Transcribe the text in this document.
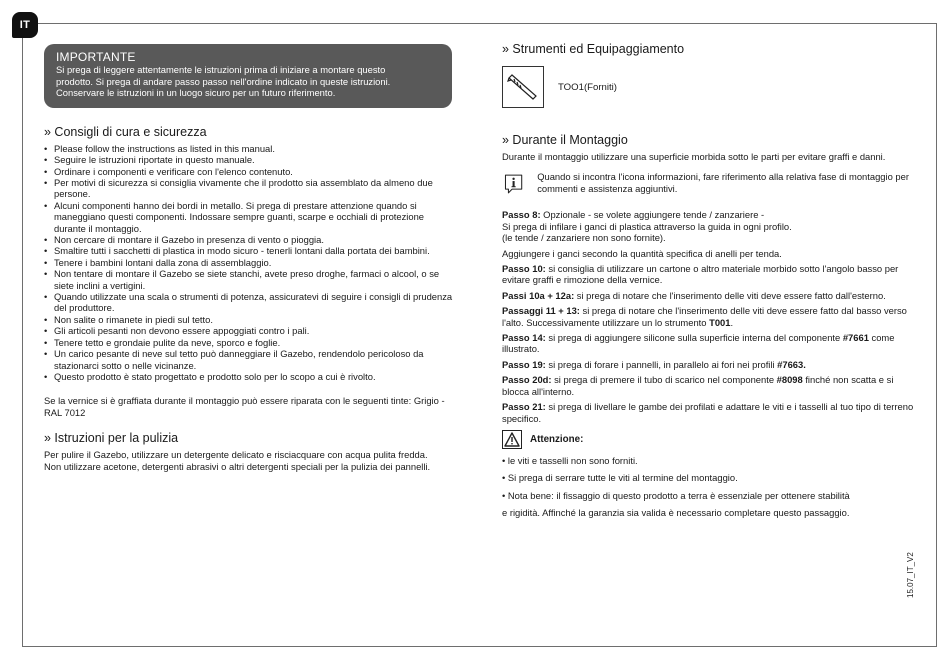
IT
IMPORTANTE
Si prega di leggere attentamente le istruzioni prima di iniziare a montare questo
prodotto. Si prega di andare passo passo nell'ordine indicato in queste istruzioni.
Conservare le istruzioni in un luogo sicuro per un futuro riferimento.
» Consigli di cura e sicurezza
• Please follow the instructions as listed in this manual.
• Seguire le istruzioni riportate in questo manuale.
• Ordinare i componenti e verificare con l'elenco contenuto.
• Per motivi di sicurezza si consiglia vivamente che il prodotto sia assemblato da almeno due persone.
• Alcuni componenti hanno dei bordi in metallo. Si prega di prestare attenzione quando si maneggiano questi componenti. Indossare sempre guanti, scarpe e occhiali di protezione durante il montaggio.
• Non cercare di montare il Gazebo in presenza di vento o pioggia.
• Smaltire tutti i sacchetti di plastica in modo sicuro - tenerli lontani dalla portata dei bambini.
• Tenere i bambini lontani dalla zona di assemblaggio.
• Non tentare di montare il Gazebo se siete stanchi, avete preso droghe, farmaci o alcool, o se siete inclini a vertigini.
• Quando utilizzate una scala o strumenti di potenza, assicuratevi di seguire i consigli di prudenza del produttore.
• Non salite o rimanete in piedi sul tetto.
• Gli articoli pesanti non devono essere appoggiati contro i pali.
• Tenere tetto e grondaie pulite da neve, sporco e foglie.
• Un carico pesante di neve sul tetto può danneggiare il Gazebo, rendendolo pericoloso da stazionarci sotto o nelle vicinanze.
• Questo prodotto è stato progettato e prodotto solo per lo scopo a cui è rivolto.

Se la vernice si è graffiata durante il montaggio può essere riparata con le seguenti tinte: Grigio - RAL 7012

» Istruzioni per la pulizia

Per pulire il Gazebo, utilizzare un detergente delicato e risciacquare con acqua pulita fredda.

Non utilizzare acetone, detergenti abrasivi o altri detergenti speciali per la pulizia dei pannelli.

» Strumenti ed Equipaggiamento
TOO1(Forniti)
» Durante il Montaggio

Durante il montaggio utilizzare una superficie morbida sotto le parti per evitare graffi e danni.

Quando si incontra l'icona informazioni, fare riferimento alla relativa fase di montaggio per commenti e assistenza aggiuntivi.

Passo 8: Opzionale - se volete aggiungere tende / zanzariere -

Si prega di infilare i ganci di plastica attraverso la guida in ogni profilo.

(le tende / zanzariere non sono fornite).

Aggiungere i ganci secondo la quantità specifica di anelli per tenda.

Passo 10: si consiglia di utilizzare un cartone o altro materiale morbido sotto l'angolo basso per evitare graffi e rimozione della vernice.

Passi 10a + 12a: si prega di notare che l'inserimento delle viti deve essere fatto dall'esterno.

Passaggi 11 + 13: si prega di notare che l'inserimento delle viti deve essere fatto dal basso verso l'alto. Successivamente utilizzare un lo strumento T001.

Passo 14: si prega di aggiungere silicone sulla superficie interna del componente #7661 come illustrato.

Passo 19: si prega di forare i pannelli, in parallelo ai fori nei profili #7663.

Passo 20d: si prega di premere il tubo di scarico nel componente #8098 finché non scatta e si blocca all'interno.

Passo 21: si prega di livellare le gambe dei profilati e adattare le viti e i tasselli al tuo tipo di terreno specifico.

Attenzione:

• le viti e tasselli non sono forniti.

• Si prega di serrare tutte le viti al termine del montaggio.

• Nota bene: il fissaggio di questo prodotto a terra è essenziale per ottenere stabilità

e rigidità. Affinché la garanzia sia valida è necessario completare questo passaggio.

15.07_IT_V2
